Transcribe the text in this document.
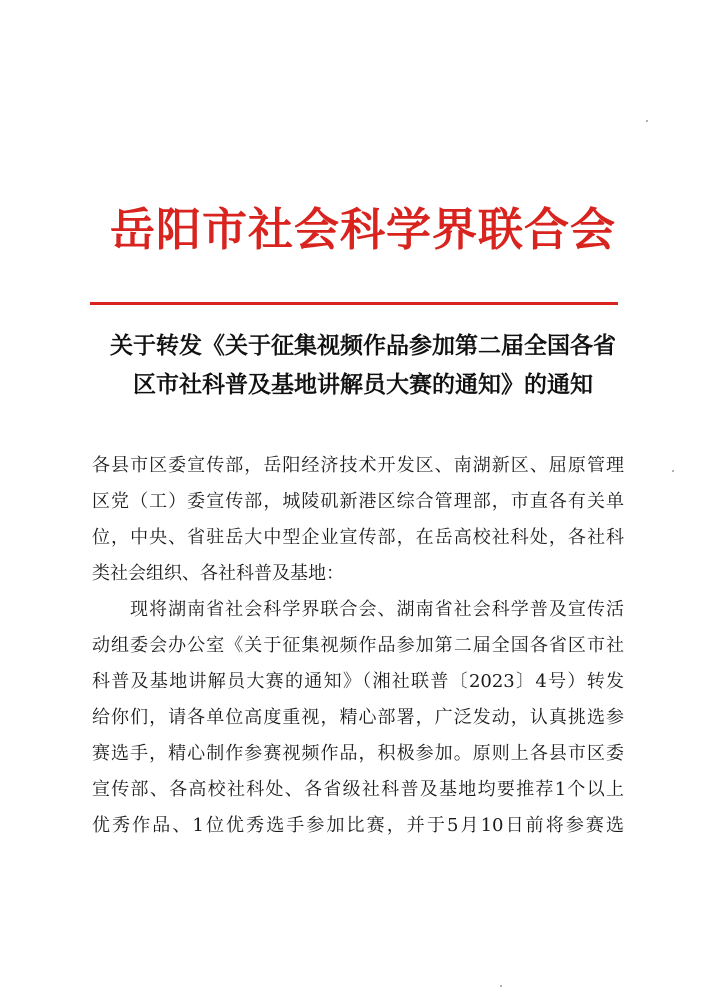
岳阳市社会科学界联合会
关于转发《关于征集视频作品参加第二届全国各省
区市社科普及基地讲解员大赛的通知》的通知
各县市区委宣传部，岳阳经济技术开发区、南湖新区、屈原管理
区党（工）委宣传部，城陵矶新港区综合管理部，市直各有关单
位，中央、省驻岳大中型企业宣传部，在岳高校社科处，各社科
类社会组织、各社科普及基地：
现将湖南省社会科学界联合会、湖南省社会科学普及宣传活
动组委会办公室《关于征集视频作品参加第二届全国各省区市社
科普及基地讲解员大赛的通知》（湘社联普〔2023〕4号）转发
给你们，请各单位高度重视，精心部署，广泛发动，认真挑选参
赛选手，精心制作参赛视频作品，积极参加。原则上各县市区委
宣传部、各高校社科处、各省级社科普及基地均要推荐1个以上
优秀作品、1位优秀选手参加比赛，并于5月10日前将参赛选
